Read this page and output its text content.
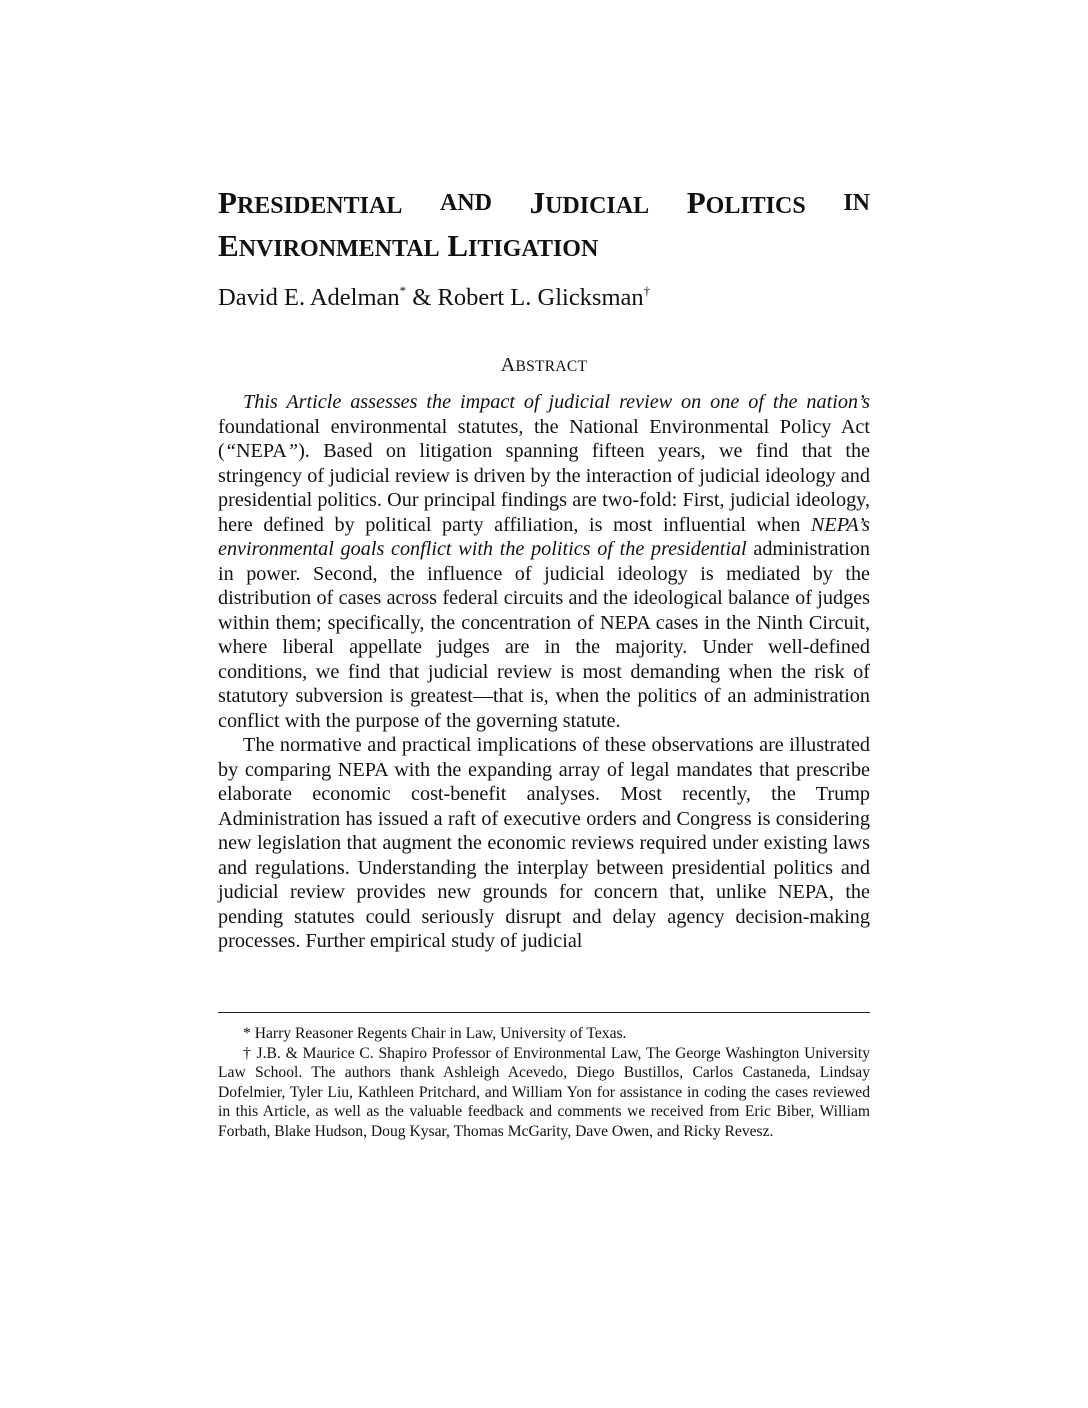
PRESIDENTIAL AND JUDICIAL POLITICS IN
ENVIRONMENTAL LITIGATION
David E. Adelman* & Robert L. Glicksman†
ABSTRACT

This Article assesses the impact of judicial review on one of the nation’s foundational environmental statutes, the National Environmental Policy Act (“NEPA”). Based on litigation spanning fifteen years, we find that the stringency of judicial review is driven by the interaction of judicial ideology and presidential politics. Our principal findings are two-fold: First, judicial ideology, here defined by political party affiliation, is most influential when NEPA’s environmental goals conflict with the politics of the presidential administration in power. Second, the influence of judicial ideology is mediated by the distribution of cases across federal circuits and the ideological balance of judges within them; specifically, the concentration of NEPA cases in the Ninth Circuit, where liberal appellate judges are in the majority. Under well-defined conditions, we find that judicial review is most demanding when the risk of statutory subversion is greatest—that is, when the politics of an administration conflict with the purpose of the governing statute.

The normative and practical implications of these observations are illustrated by comparing NEPA with the expanding array of legal mandates that prescribe elaborate economic cost-benefit analyses. Most recently, the Trump Administration has issued a raft of executive orders and Congress is considering new legislation that augment the economic reviews required under existing laws and regulations. Understanding the interplay between presidential politics and judicial review provides new grounds for concern that, unlike NEPA, the pending statutes could seriously disrupt and delay agency decision-making processes. Further empirical study of judicial

* Harry Reasoner Regents Chair in Law, University of Texas.

† J.B. & Maurice C. Shapiro Professor of Environmental Law, The George Washington University Law School. The authors thank Ashleigh Acevedo, Diego Bustillos, Carlos Castaneda, Lindsay Dofelmier, Tyler Liu, Kathleen Pritchard, and William Yon for assistance in coding the cases reviewed in this Article, as well as the valuable feedback and comments we received from Eric Biber, William Forbath, Blake Hudson, Doug Kysar, Thomas McGarity, Dave Owen, and Ricky Revesz.
